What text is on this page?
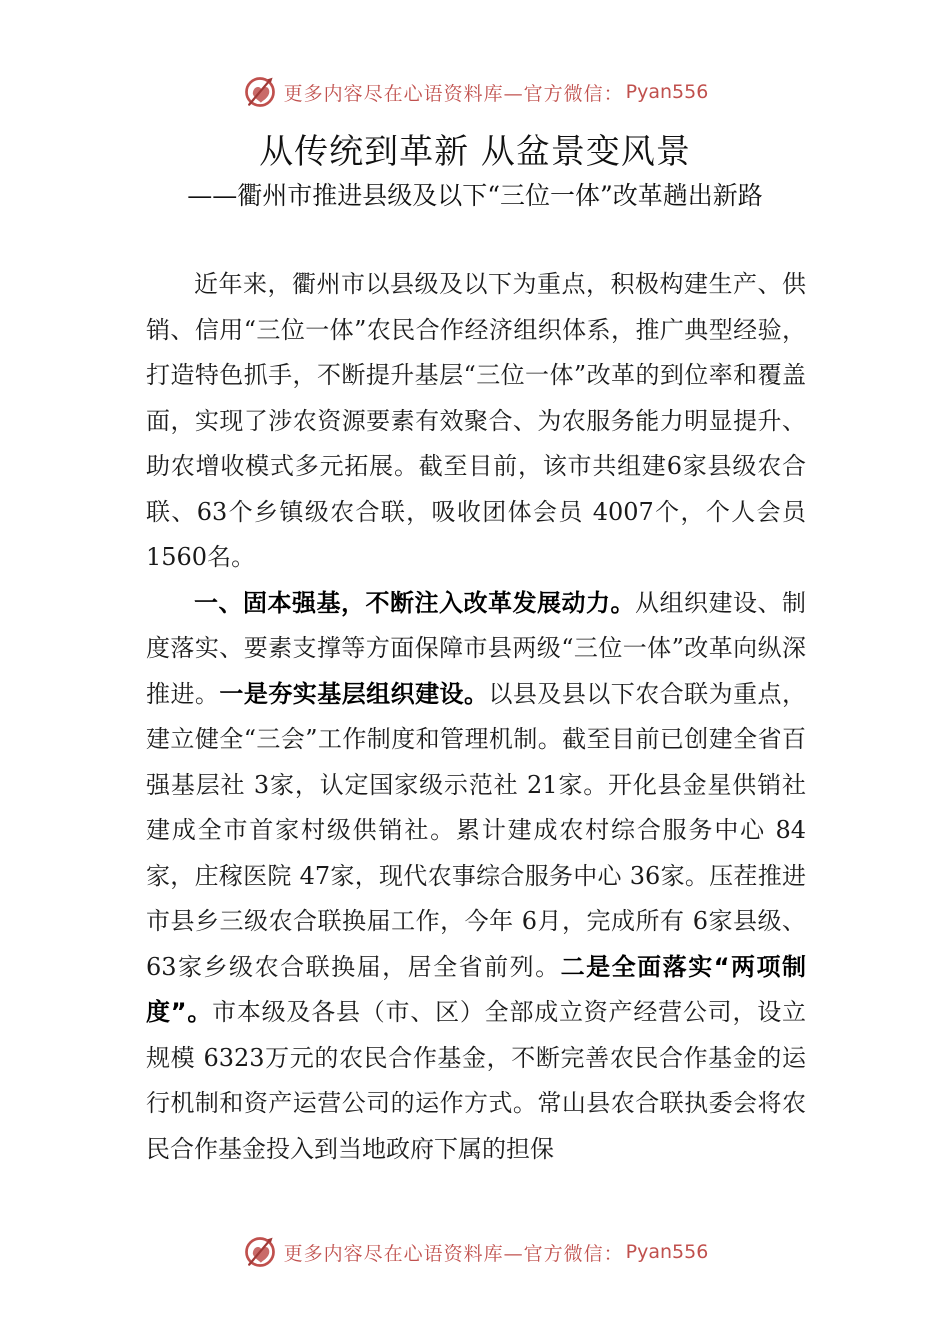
更多内容尽在心语资料库—官方微信： Pyan556
从传统到革新 从盆景变风景
——衢州市推进县级及以下“三位一体”改革趟出新路

近年来，衢州市以县级及以下为重点，积极构建生产、供销、信用“三位一体”农民合作经济组织体系，推广典型经验，打造特色抓手，不断提升基层“三位一体”改革的到位率和覆盖面，实现了涉农资源要素有效聚合、为农服务能力明显提升、助农增收模式多元拓展。截至目前，该市共组建6家县级农合联、63个乡镇级农合联，吸收团体会员 4007个，个人会员 1560名。

一、固本强基，不断注入改革发展动力。从组织建设、制度落实、要素支撑等方面保障市县两级“三位一体”改革向纵深推进。一是夯实基层组织建设。以县及县以下农合联为重点，建立健全“三会”工作制度和管理机制。截至目前已创建全省百强基层社 3家，认定国家级示范社 21家。开化县金星供销社建成全市首家村级供销社。累计建成农村综合服务中心 84家，庄稼医院 47家，现代农事综合服务中心 36家。压茬推进市县乡三级农合联换届工作，今年 6月，完成所有 6家县级、63家乡级农合联换届，居全省前列。二是全面落实“两项制度”。市本级及各县（市、区）全部成立资产经营公司，设立规模 6323万元的农民合作基金，不断完善农民合作基金的运行机制和资产运营公司的运作方式。常山县农合联执委会将农民合作基金投入到当地政府下属的担保

更多内容尽在心语资料库—官方微信： Pyan556
